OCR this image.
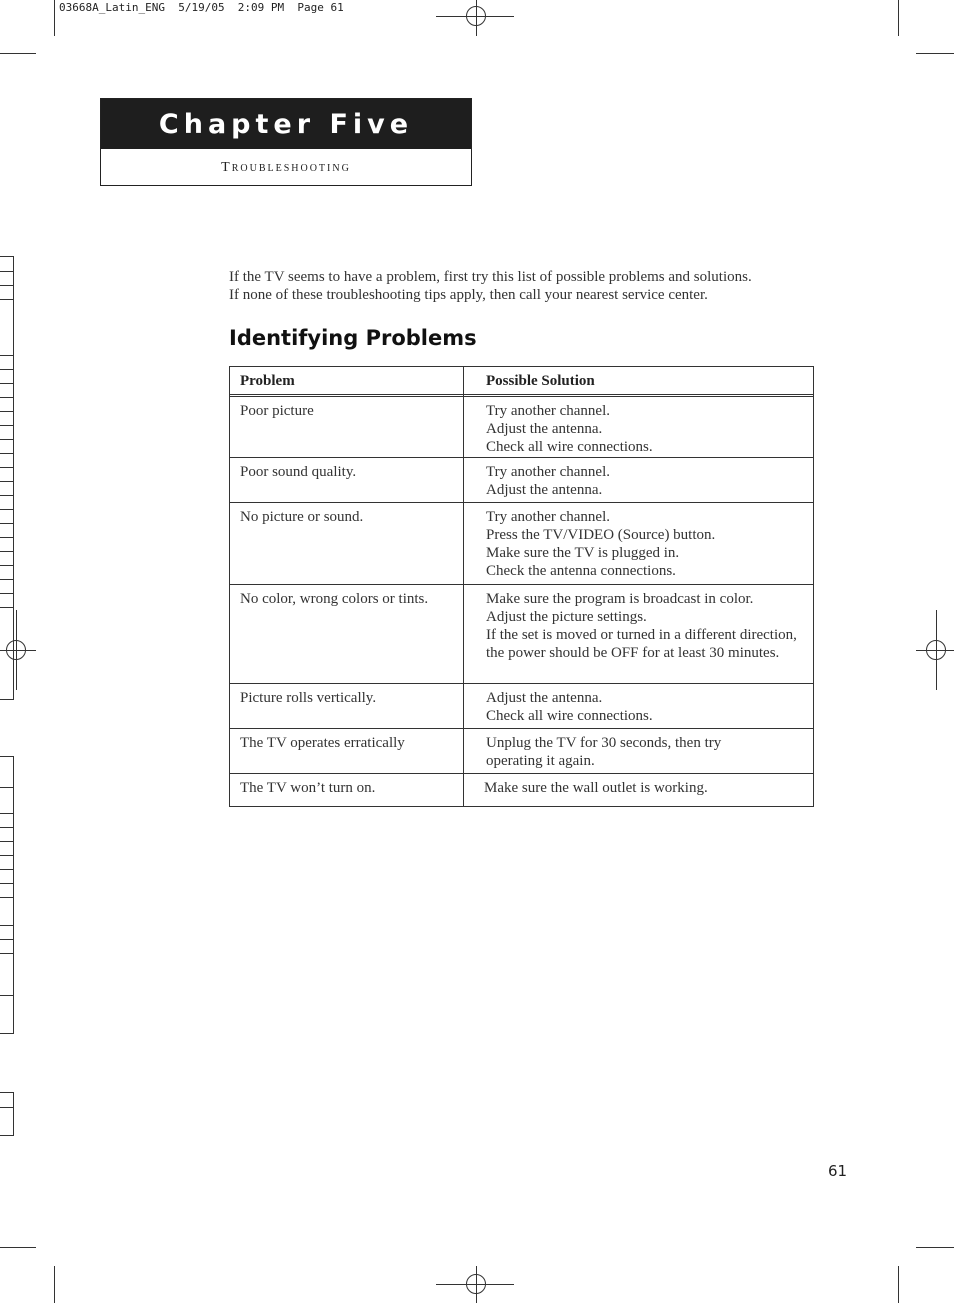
03668A_Latin_ENG  5/19/05  2:09 PM  Page 61
Chapter Five
Troubleshooting

If the TV seems to have a problem, first try this list of possible problems and solutions.

If none of these troubleshooting tips apply, then call your nearest service center.

Identifying Problems
Problem	Possible Solution
Poor picture	Try another channel.
Adjust the antenna.
Check all wire connections.
Poor sound quality.	Try another channel.
Adjust the antenna.
No picture or sound.	Try another channel.
Press the TV/VIDEO (Source) button.
Make sure the TV is plugged in.
Check the antenna connections.
No color, wrong colors or tints.	Make sure the program is broadcast in color.
Adjust the picture settings.
If the set is moved or turned in a different direction, the power should be OFF for at least 30 minutes.
Picture rolls vertically.	Adjust the antenna.
Check all wire connections.
The TV operates erratically	Unplug the TV for 30 seconds, then try operating it again.
The TV won’t turn on.	Make sure the wall outlet is working.
61
